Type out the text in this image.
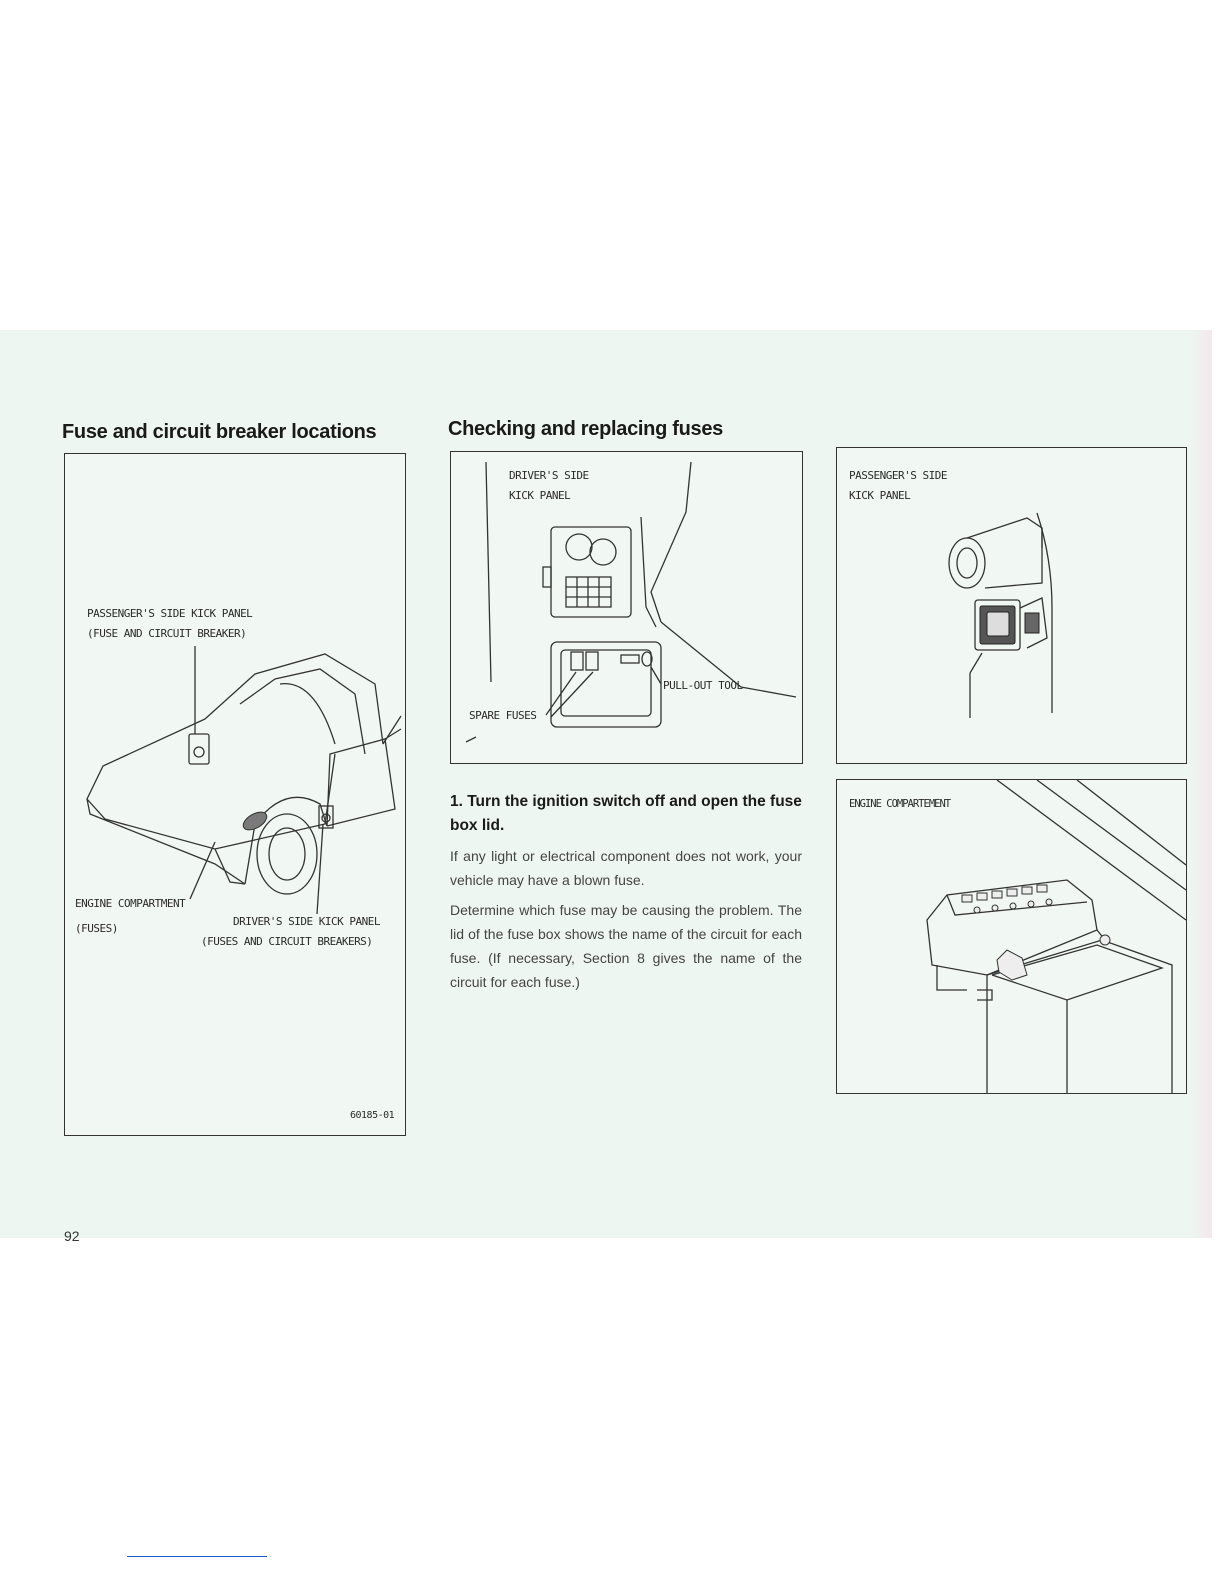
Fuse and circuit breaker locations	Checking and replacing fuses
PASSENGER'S SIDE KICK PANEL
(FUSE AND CIRCUIT BREAKER)
ENGINE COMPARTMENT
(FUSES)
DRIVER'S SIDE KICK PANEL
(FUSES AND CIRCUIT BREAKERS)
60185-01
DRIVER'S SIDE
KICK PANEL
PULL-OUT TOOL
SPARE FUSES
PASSENGER'S SIDE
KICK PANEL
ENGINE COMPARTEMENT
1. Turn the ignition switch off and open the fuse box lid.
If any light or electrical component does not work, your vehicle may have a blown fuse.
Determine which fuse may be causing the problem. The lid of the fuse box shows the name of the circuit for each fuse. (If necessary, Section 8 gives the name of the circuit for each fuse.)
92
